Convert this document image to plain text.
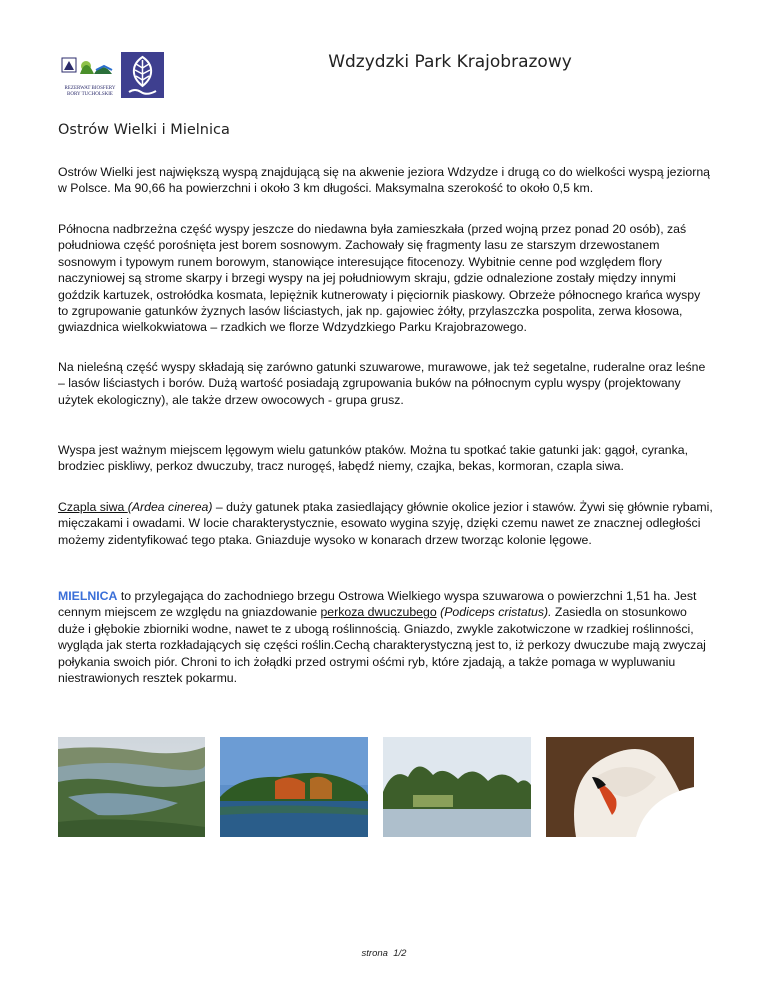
REZERWAT BIOSFERY BORY TUCHOLSKIE
Wdzydzki Park Krajobrazowy
Ostrów Wielki i Mielnica
Ostrów Wielki jest największą wyspą znajdującą się na akwenie jeziora Wdzydze i drugą co do wielkości wyspą jeziorną w Polsce. Ma 90,66 ha powierzchni i około 3 km długości. Maksymalna szerokość to około 0,5 km.
Północna nadbrzeżna część wyspy jeszcze do niedawna była zamieszkała (przed wojną przez ponad 20 osób), zaś południowa część porośnięta jest borem sosnowym. Zachowały się fragmenty lasu ze starszym drzewostanem sosnowym i typowym runem borowym, stanowiące interesujące fitocenozy. Wybitnie cenne pod względem flory naczyniowej są strome skarpy i brzegi wyspy na jej południowym skraju, gdzie odnalezione zostały między innymi goździk kartuzek, ostrołódka kosmata, lepiężnik kutnerowaty i pięciornik piaskowy. Obrzeże północnego krańca wyspy to zgrupowanie gatunków żyznych lasów liściastych, jak np. gajowiec żółty, przylaszczka pospolita, zerwa kłosowa, gwiazdnica wielkokwiatowa – rzadkich we florze Wdzydzkiego Parku Krajobrazowego.
Na nieleśną część wyspy składają się zarówno gatunki szuwarowe, murawowe, jak też segetalne, ruderalne oraz leśne – lasów liściastych i borów. Dużą wartość posiadają zgrupowania buków na północnym cyplu wyspy (projektowany użytek ekologiczny), ale także drzew owocowych - grupa grusz.
Wyspa jest ważnym miejscem lęgowym wielu gatunków ptaków. Można tu spotkać takie gatunki jak: gągoł, cyranka, brodziec piskliwy, perkoz dwuczuby, tracz nurogęś, łabędź niemy, czajka, bekas, kormoran, czapla siwa.
Czapla siwa (Ardea cinerea) – duży gatunek ptaka zasiedlający głównie okolice jezior i stawów. Żywi się głównie rybami, mięczakami i owadami. W locie charakterystycznie, esowato wygina szyję, dzięki czemu nawet ze znacznej odległości możemy zidentyfikować tego ptaka. Gniazduje wysoko w konarach drzew tworząc kolonie lęgowe.
MIELNICA to przylegająca do zachodniego brzegu Ostrowa Wielkiego wyspa szuwarowa o powierzchni 1,51 ha. Jest cennym miejscem ze względu na gniazdowanie perkoza dwuczubego (Podiceps cristatus). Zasiedla on stosunkowo duże i głębokie zbiorniki wodne, nawet te z ubogą roślinnością. Gniazdo, zwykle zakotwiczone w rzadkiej roślinności, wygląda jak sterta rozkładających się części roślin.Cechą charakterystyczną jest to, iż perkozy dwuczube mają zwyczaj połykania swoich piór. Chroni to ich żołądki przed ostrymi ośćmi ryb, które zjadają, a także pomaga w wypluwaniu niestrawionych resztek pokarmu.
strona 1/2
